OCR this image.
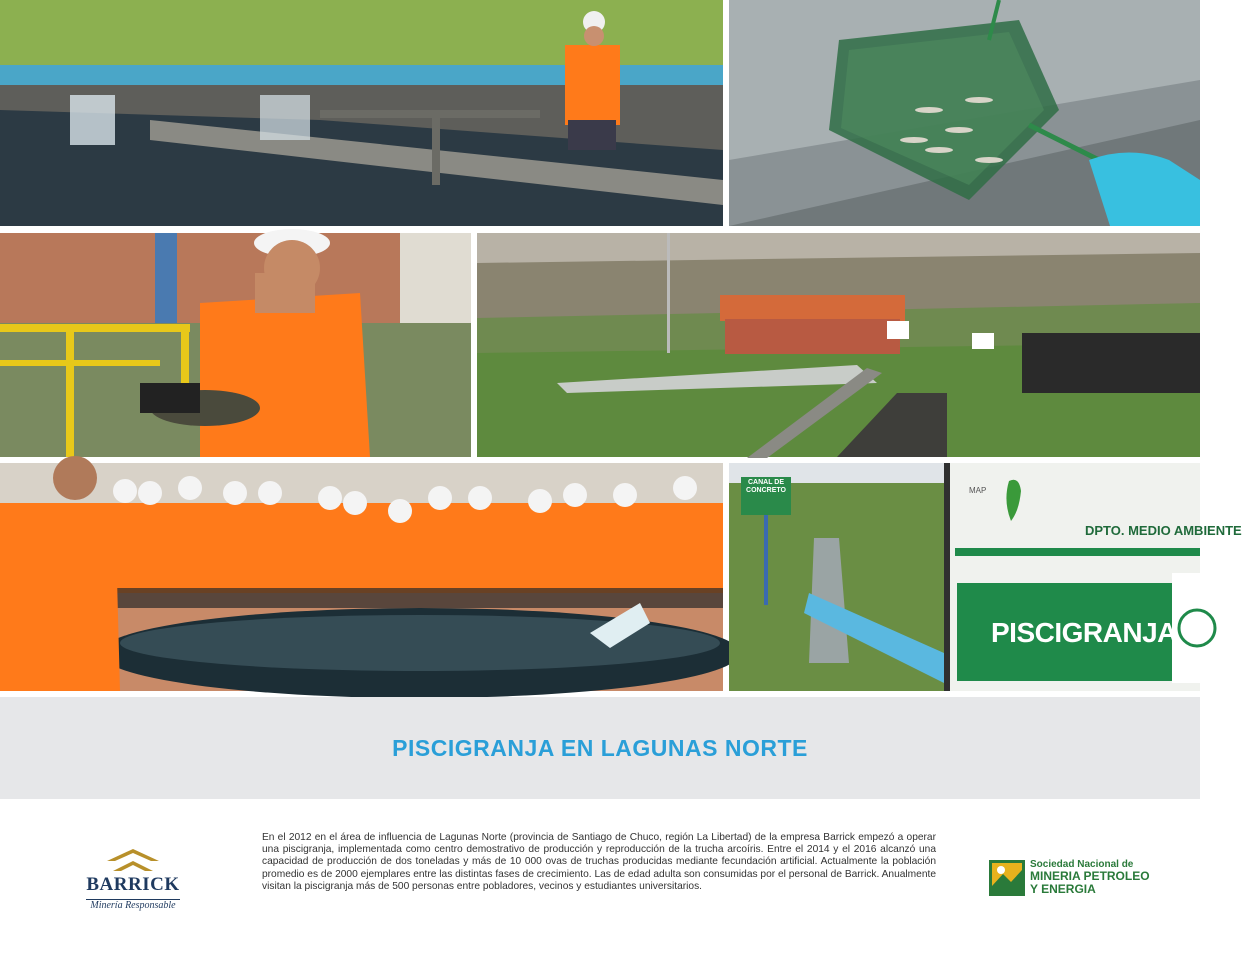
MAP
CANAL DE CONCRETO
DPTO. MEDIO AMBIENTE
PISCIGRANJA
PISCIGRANJA EN LAGUNAS NORTE
BARRICK
Minería Responsable

En el 2012 en el área de influencia de Lagunas Norte (provincia de Santiago de Chuco, región La Libertad) de la empresa Barrick empezó a operar una piscigranja, implementada como centro demostrativo de producción y reproducción de la trucha arcoíris. Entre el 2014 y el 2016 alcanzó una capacidad de producción de dos toneladas y más de 10 000 ovas de truchas producidas mediante fecundación artificial. Actualmente la población promedio es de 2000 ejemplares entre las distintas fases de crecimiento. Las de edad adulta son consumidas por el personal de Barrick. Anualmente visitan la piscigranja más de 500 personas entre pobladores, vecinos y estudiantes universitarios.

Sociedad Nacional de
MINERIA PETROLEO
Y ENERGIA
